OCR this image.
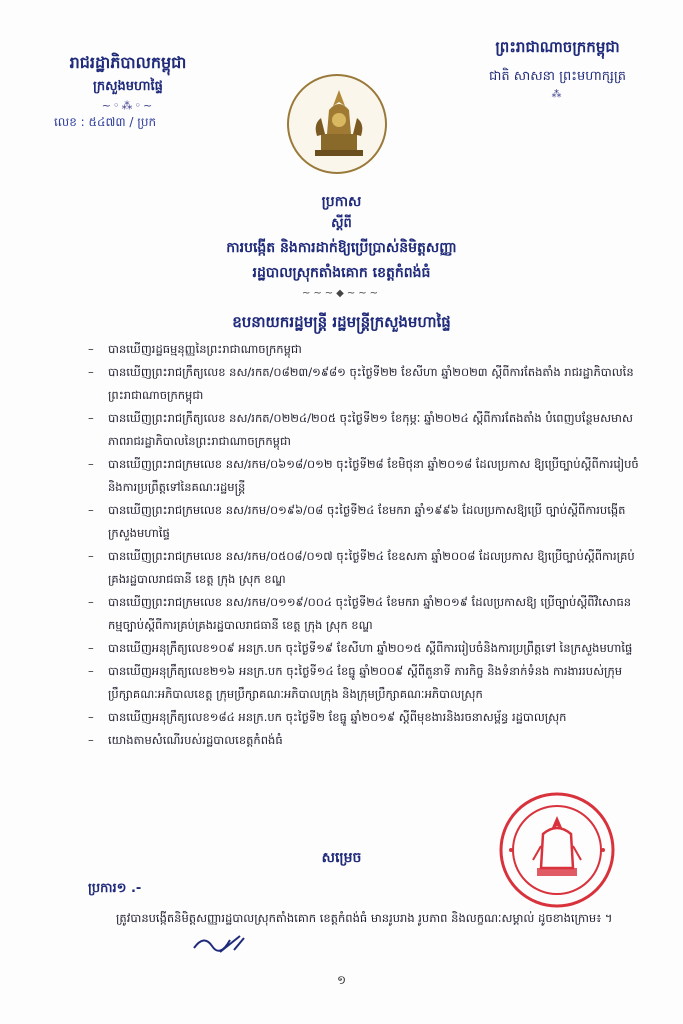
រាជរដ្ឋាភិបាលកម្ពុជា
ក្រសួងមហាផ្ទៃ
~◦⁂◦~
លេខ : ៥៤៧៣ / ប្រក
ព្រះរាជាណាចក្រកម្ពុជា
ជាតិ សាសនា ព្រះមហាក្សត្រ
⁂
ប្រកាស
ស្តីពី
ការបង្កើត និងការដាក់ឱ្យប្រើប្រាស់និមិត្តសញ្ញា
រដ្ឋបាលស្រុកតាំងគោក ខេត្តកំពង់ធំ
~~~◆~~~
ឧបនាយករដ្ឋមន្ត្រី រដ្ឋមន្ត្រីក្រសួងមហាផ្ទៃ
– បានឃើញរដ្ឋធម្មនុញ្ញនៃព្រះរាជាណាចក្រកម្ពុជា
– បានឃើញព្រះរាជក្រឹត្យលេខ នស/រកត/០៨២៣/១៩៨១ ចុះថ្ងៃទី២២ ខែសីហា ឆ្នាំ២០២៣ ស្តីពីការតែងតាំង រាជរដ្ឋាភិបាលនៃព្រះរាជាណាចក្រកម្ពុជា
– បានឃើញព្រះរាជក្រឹត្យលេខ នស/រកត/០២២៤/២០៥ ចុះថ្ងៃទី២១ ខែកុម្ភៈ ឆ្នាំ២០២៤ ស្តីពីការតែងតាំង បំពេញបន្ថែមសមាសភាពរាជរដ្ឋាភិបាលនៃព្រះរាជាណាចក្រកម្ពុជា
– បានឃើញព្រះរាជក្រមលេខ នស/រកម/០៦១៨/០១២ ចុះថ្ងៃទី២៨ ខែមិថុនា ឆ្នាំ២០១៨ ដែលប្រកាស ឱ្យប្រើច្បាប់ស្តីពីការរៀបចំនិងការប្រព្រឹត្តទៅនៃគណៈរដ្ឋមន្ត្រី
– បានឃើញព្រះរាជក្រមលេខ នស/រកម/០១៩៦/០៨ ចុះថ្ងៃទី២៤ ខែមករា ឆ្នាំ១៩៩៦ ដែលប្រកាសឱ្យប្រើ ច្បាប់ស្តីពីការបង្កើតក្រសួងមហាផ្ទៃ
– បានឃើញព្រះរាជក្រមលេខ នស/រកម/០៥០៨/០១៧ ចុះថ្ងៃទី២៤ ខែឧសភា ឆ្នាំ២០០៨ ដែលប្រកាស ឱ្យប្រើច្បាប់ស្តីពីការគ្រប់គ្រងរដ្ឋបាលរាជធានី ខេត្ត ក្រុង ស្រុក ខណ្ឌ
– បានឃើញព្រះរាជក្រមលេខ នស/រកម/០១១៩/០០៤ ចុះថ្ងៃទី២៤ ខែមករា ឆ្នាំ២០១៩ ដែលប្រកាសឱ្យ ប្រើច្បាប់ស្តីពីវិសោធនកម្មច្បាប់ស្តីពីការគ្រប់គ្រងរដ្ឋបាលរាជធានី ខេត្ត ក្រុង ស្រុក ខណ្ឌ
– បានឃើញអនុក្រឹត្យលេខ១០៩ អនក្រ.បក ចុះថ្ងៃទី១៩ ខែសីហា ឆ្នាំ២០១៥ ស្តីពីការរៀបចំនិងការប្រព្រឹត្តទៅ នៃក្រសួងមហាផ្ទៃ
– បានឃើញអនុក្រឹត្យលេខ២១៦ អនក្រ.បក ចុះថ្ងៃទី១៤ ខែធ្នូ ឆ្នាំ២០០៩ ស្តីពីតួនាទី ភារកិច្ច និងទំនាក់ទំនង ការងាររបស់ក្រុមប្រឹក្សាគណៈអភិបាលខេត្ត ក្រុមប្រឹក្សាគណៈអភិបាលក្រុង និងក្រុមប្រឹក្សាគណៈអភិបាលស្រុក
– បានឃើញអនុក្រឹត្យលេខ១៨៤ អនក្រ.បក ចុះថ្ងៃទី២ ខែធ្នូ ឆ្នាំ២០១៩ ស្តីពីមុខងារនិងរចនាសម្ព័ន្ធ រដ្ឋបាលស្រុក
– យោងតាមសំណើរបស់រដ្ឋបាលខេត្តកំពង់ធំ
សម្រេច
ប្រការ១ .-
ត្រូវបានបង្កើតនិមិត្តសញ្ញារដ្ឋបាលស្រុកតាំងគោក ខេត្តកំពង់ធំ មានរូបរាង រូបភាព និងលក្ខណៈសម្គាល់ ដូចខាងក្រោម៖ ។
១
